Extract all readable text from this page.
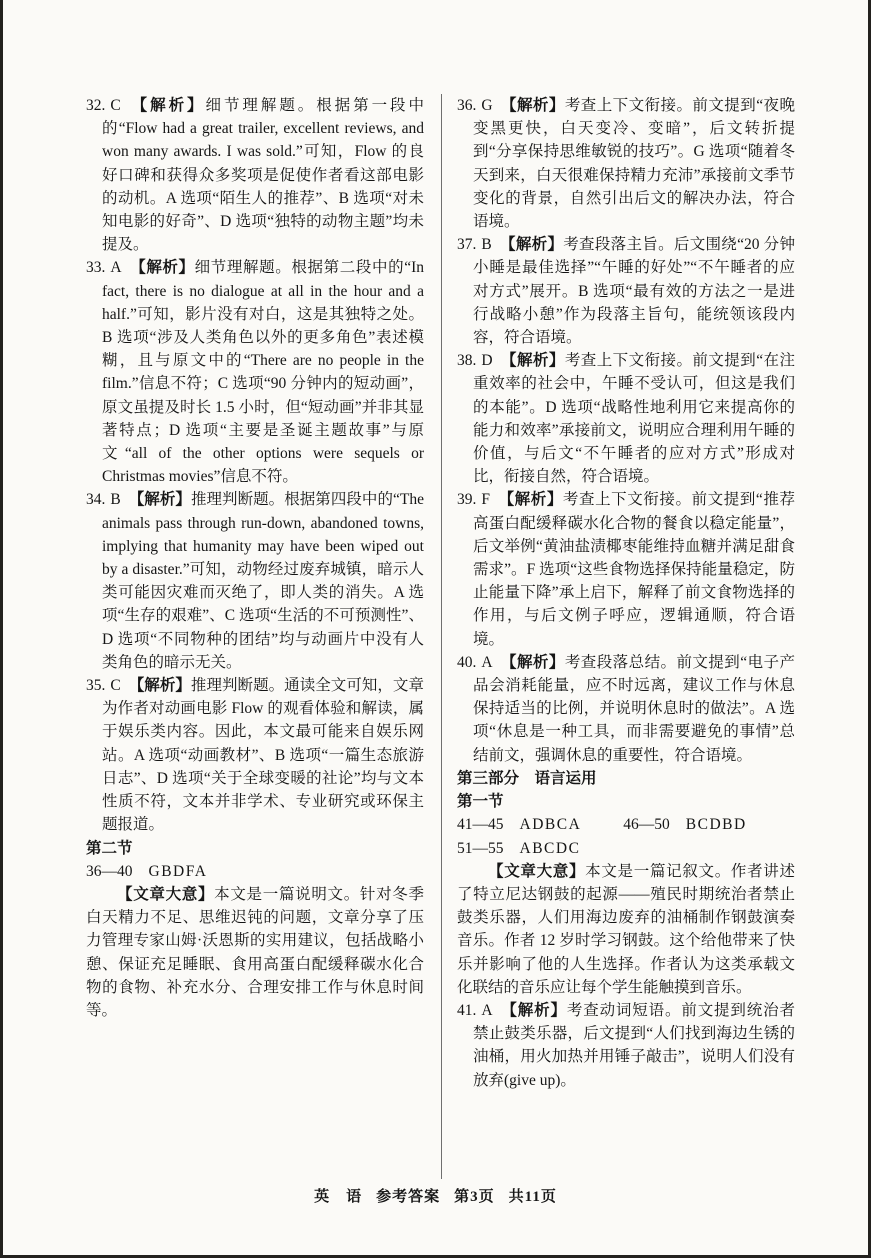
32. C 【解析】细节理解题。根据第一段中的“Flow had a great trailer, excellent reviews, and won many awards. I was sold.”可知，Flow 的良好口碑和获得众多奖项是促使作者看这部电影的动机。A 选项“陌生人的推荐”、B 选项“对未知电影的好奇”、D 选项“独特的动物主题”均未提及。
33. A 【解析】细节理解题。根据第二段中的“In fact, there is no dialogue at all in the hour and a half.”可知，影片没有对白，这是其独特之处。B 选项“涉及人类角色以外的更多角色”表述模糊，且与原文中的“There are no people in the film.”信息不符；C 选项“90 分钟内的短动画”，原文虽提及时长 1.5 小时，但“短动画”并非其显著特点；D 选项“主要是圣诞主题故事”与原文“all of the other options were sequels or Christmas movies”信息不符。
34. B 【解析】推理判断题。根据第四段中的“The animals pass through run-down, abandoned towns, implying that humanity may have been wiped out by a disaster.”可知，动物经过废弃城镇，暗示人类可能因灾难而灭绝了，即人类的消失。A 选项“生存的艰难”、C 选项“生活的不可预测性”、D 选项“不同物种的团结”均与动画片中没有人类角色的暗示无关。
35. C 【解析】推理判断题。通读全文可知，文章为作者对动画电影 Flow 的观看体验和解读，属于娱乐类内容。因此，本文最可能来自娱乐网站。A 选项“动画教材”、B 选项“一篇生态旅游日志”、D 选项“关于全球变暖的社论”均与文本性质不符，文本并非学术、专业研究或环保主题报道。
第二节
36—40 GBDFA

【文章大意】本文是一篇说明文。针对冬季白天精力不足、思维迟钝的问题，文章分享了压力管理专家山姆·沃恩斯的实用建议，包括战略小憩、保证充足睡眠、食用高蛋白配缓释碳水化合物的食物、补充水分、合理安排工作与休息时间等。

36. G 【解析】考查上下文衔接。前文提到“夜晚变黑更快，白天变冷、变暗”，后文转折提到“分享保持思维敏锐的技巧”。G 选项“随着冬天到来，白天很难保持精力充沛”承接前文季节变化的背景，自然引出后文的解决办法，符合语境。
37. B 【解析】考查段落主旨。后文围绕“20 分钟小睡是最佳选择”“午睡的好处”“不午睡者的应对方式”展开。B 选项“最有效的方法之一是进行战略小憩”作为段落主旨句，能统领该段内容，符合语境。
38. D 【解析】考查上下文衔接。前文提到“在注重效率的社会中，午睡不受认可，但这是我们的本能”。D 选项“战略性地利用它来提高你的能力和效率”承接前文，说明应合理利用午睡的价值，与后文“不午睡者的应对方式”形成对比，衔接自然，符合语境。
39. F 【解析】考查上下文衔接。前文提到“推荐高蛋白配缓释碳水化合物的餐食以稳定能量”，后文举例“黄油盐渍椰枣能维持血糖并满足甜食需求”。F 选项“这些食物选择保持能量稳定，防止能量下降”承上启下，解释了前文食物选择的作用，与后文例子呼应，逻辑通顺，符合语境。
40. A 【解析】考查段落总结。前文提到“电子产品会消耗能量，应不时远离，建议工作与休息保持适当的比例，并说明休息时的做法”。A 选项“休息是一种工具，而非需要避免的事情”总结前文，强调休息的重要性，符合语境。
第三部分　语言运用
第一节
41—45 ADBCA	46—50 BCDBD
51—55 ABCDC

【文章大意】本文是一篇记叙文。作者讲述了特立尼达钢鼓的起源——殖民时期统治者禁止鼓类乐器，人们用海边废弃的油桶制作钢鼓演奏音乐。作者 12 岁时学习钢鼓。这个给他带来了快乐并影响了他的人生选择。作者认为这类承载文化联结的音乐应让每个学生能触摸到音乐。

41. A 【解析】考查动词短语。前文提到统治者禁止鼓类乐器，后文提到“人们找到海边生锈的油桶，用火加热并用锤子敲击”，说明人们没有放弃(give up)。
英　语 参考答案 第3页 共11页
